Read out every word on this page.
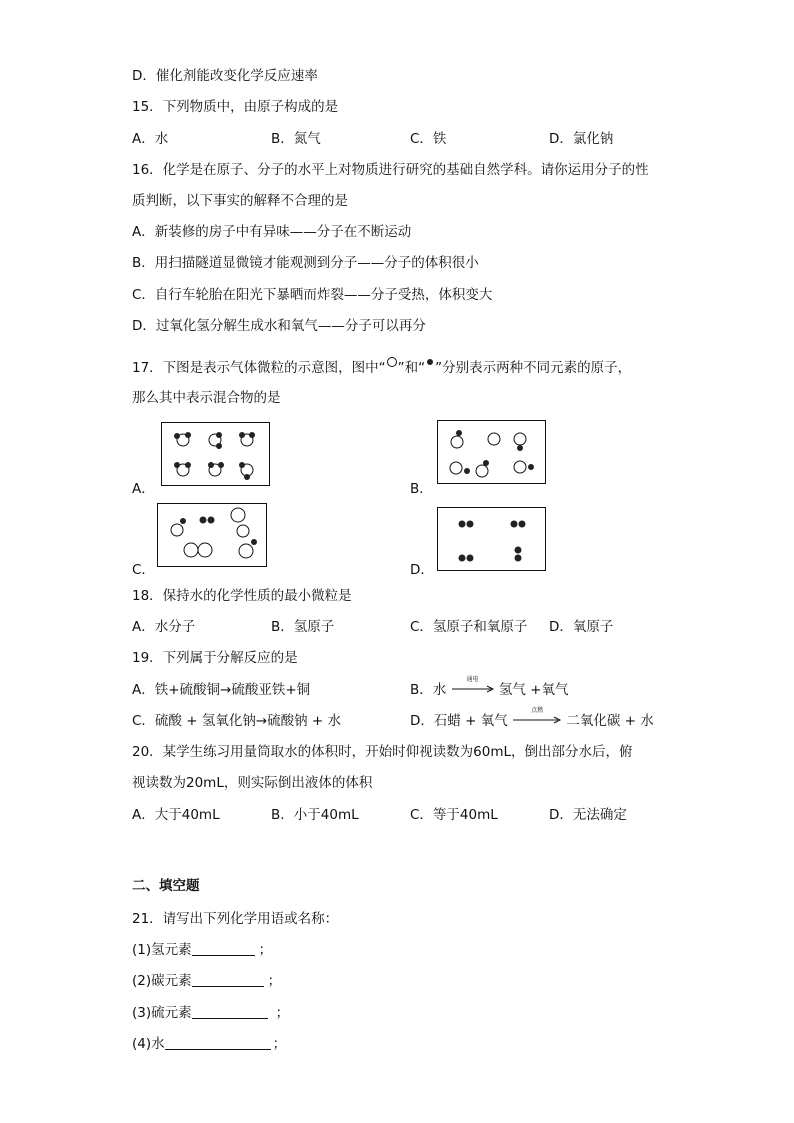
D．催化剂能改变化学反应速率
15．下列物质中，由原子构成的是
A．水	B．氮气	C．铁	D．氯化钠
16．化学是在原子、分子的水平上对物质进行研究的基础自然学科。请你运用分子的性
质判断，以下事实的解释不合理的是
A．新装修的房子中有异味——分子在不断运动
B．用扫描隧道显微镜才能观测到分子——分子的体积很小
C．自行车轮胎在阳光下暴晒而炸裂——分子受热，体积变大
D．过氧化氢分解生成水和氧气——分子可以再分
17．下图是表示气体微粒的示意图，图中“ ”和“ ”分别表示两种不同元素的原子，
那么其中表示混合物的是
A．	B．
C．	D．
18．保持水的化学性质的最小微粒是
A．水分子	B．氢原子	C．氢原子和氧原子 D．氧原子
19．下列属于分解反应的是
A．铁+硫酸铜→硫酸亚铁+铜	B．水
通电
氢气 +氧气
C．硫酸 + 氢氧化钠→硫酸钠 + 水	D．石蜡 + 氧气
点燃
二氧化碳 + 水
20．某学生练习用量筒取水的体积时，开始时仰视读数为60mL，倒出部分水后，俯
视读数为20mL，则实际倒出液体的体积
A．大于40mL	B．小于40mL	C．等于40mL	D．无法确定
二、填空题
21．请写出下列化学用语或名称：
(1)氢元素	；
(2)碳元素	；
(3)硫元素	；
(4)水	；
